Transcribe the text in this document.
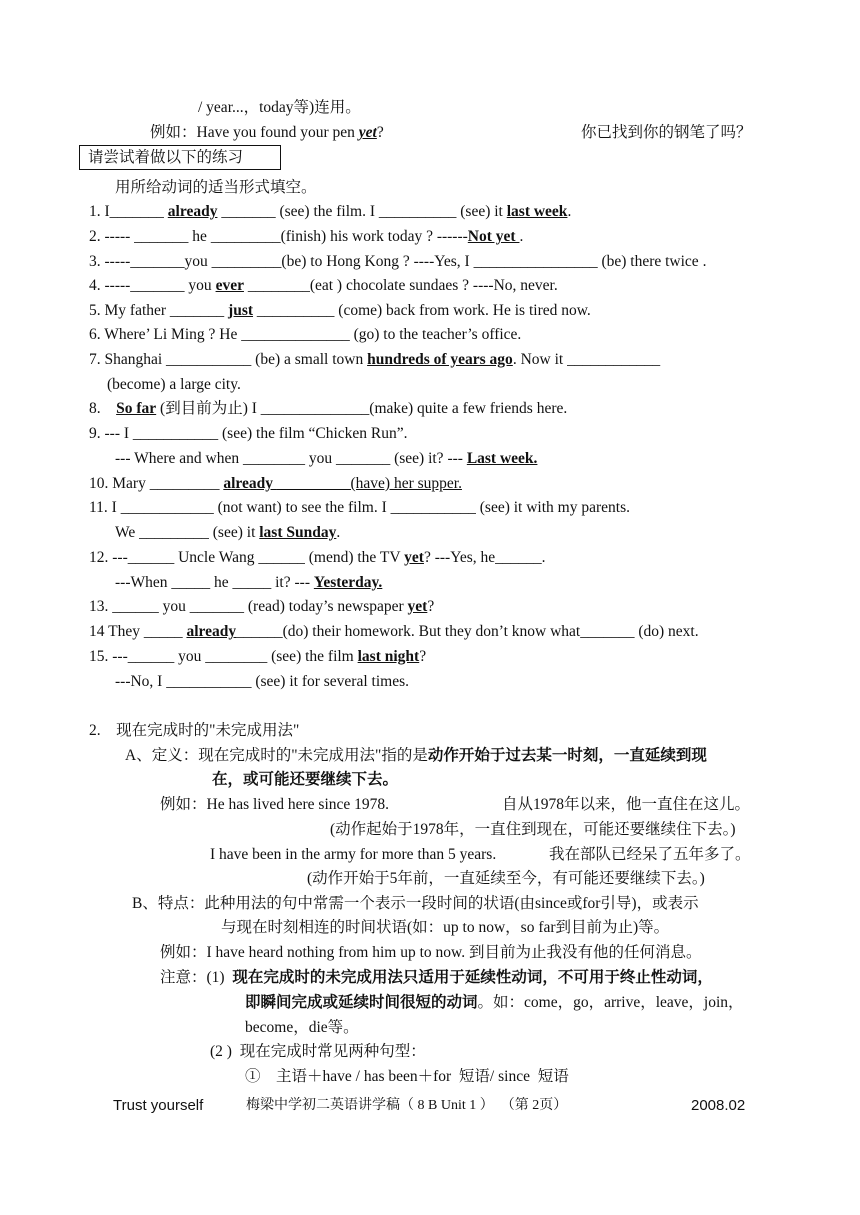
/ year...，today等)连用。
例如：Have you found your pen yet?	你已找到你的钢笔了吗？
请尝试着做以下的练习
用所给动词的适当形式填空。
1. I_______ already _______ (see) the film. I __________ (see) it last week.
2. ----- _______ he _________(finish) his work today ? ------Not yet .
3. -----_______you _________(be) to Hong Kong ? ----Yes, I ________________ (be) there twice .
4. -----_______ you ever ________(eat ) chocolate sundaes ? ----No, never.
5. My father _______ just __________ (come) back from work. He is tired now.
6. Where’ Li Ming ? He ______________ (go) to the teacher’s office.
7. Shanghai ___________ (be) a small town hundreds of years ago. Now it ____________
(become) a large city.
8.    So far (到目前为止) I ______________(make) quite a few friends here.
9. --- I ___________ (see) the film “Chicken Run”.
--- Where and when ________ you _______ (see) it? --- Last week.
10. Mary _________ already _________ (have) her supper.
11. I ____________ (not want) to see the film. I ___________ (see) it with my parents.
We _________ (see) it last Sunday.
12. ---______ Uncle Wang ______ (mend) the TV yet? ---Yes, he______.
---When _____ he _____ it? --- Yesterday.
13. ______ you _______ (read) today’s newspaper yet?
14 They _____ already______(do) their homework. But they don’t know what_______ (do) next.
15. ---______ you ________ (see) the film last night?
---No, I ___________ (see) it for several times.
2.    现在完成时的"未完成用法"
A、定义：现在完成时的"未完成用法"指的是动作开始于过去某一时刻，一直延续到现
在，或可能还要继续下去。
例如：He has lived here since 1978.	自从1978年以来，他一直住在这儿。
(动作起始于1978年，一直住到现在，可能还要继续住下去。)
I have been in the army for more than 5 years.	我在部队已经呆了五年多了。
(动作开始于5年前，一直延续至今，有可能还要继续下去。)
B、特点：此种用法的句中常需一个表示一段时间的状语(由since或for引导)，或表示
与现在时刻相连的时间状语(如：up to now，so far到目前为止)等。
例如：I have heard nothing from him up to now. 到目前为止我没有他的任何消息。
注意：(1)  现在完成时的未完成用法只适用于延续性动词，不可用于终止性动词，
即瞬间完成或延续时间很短的动词。如：come，go，arrive，leave，join，
become，die等。
(2 )  现在完成时常见两种句型：
①    主语＋have / has been＋for  短语/ since  短语
Trust yourself	梅梁中学初二英语讲学稿（ 8 B Unit 1 ）  （第 2页）	2008.02
